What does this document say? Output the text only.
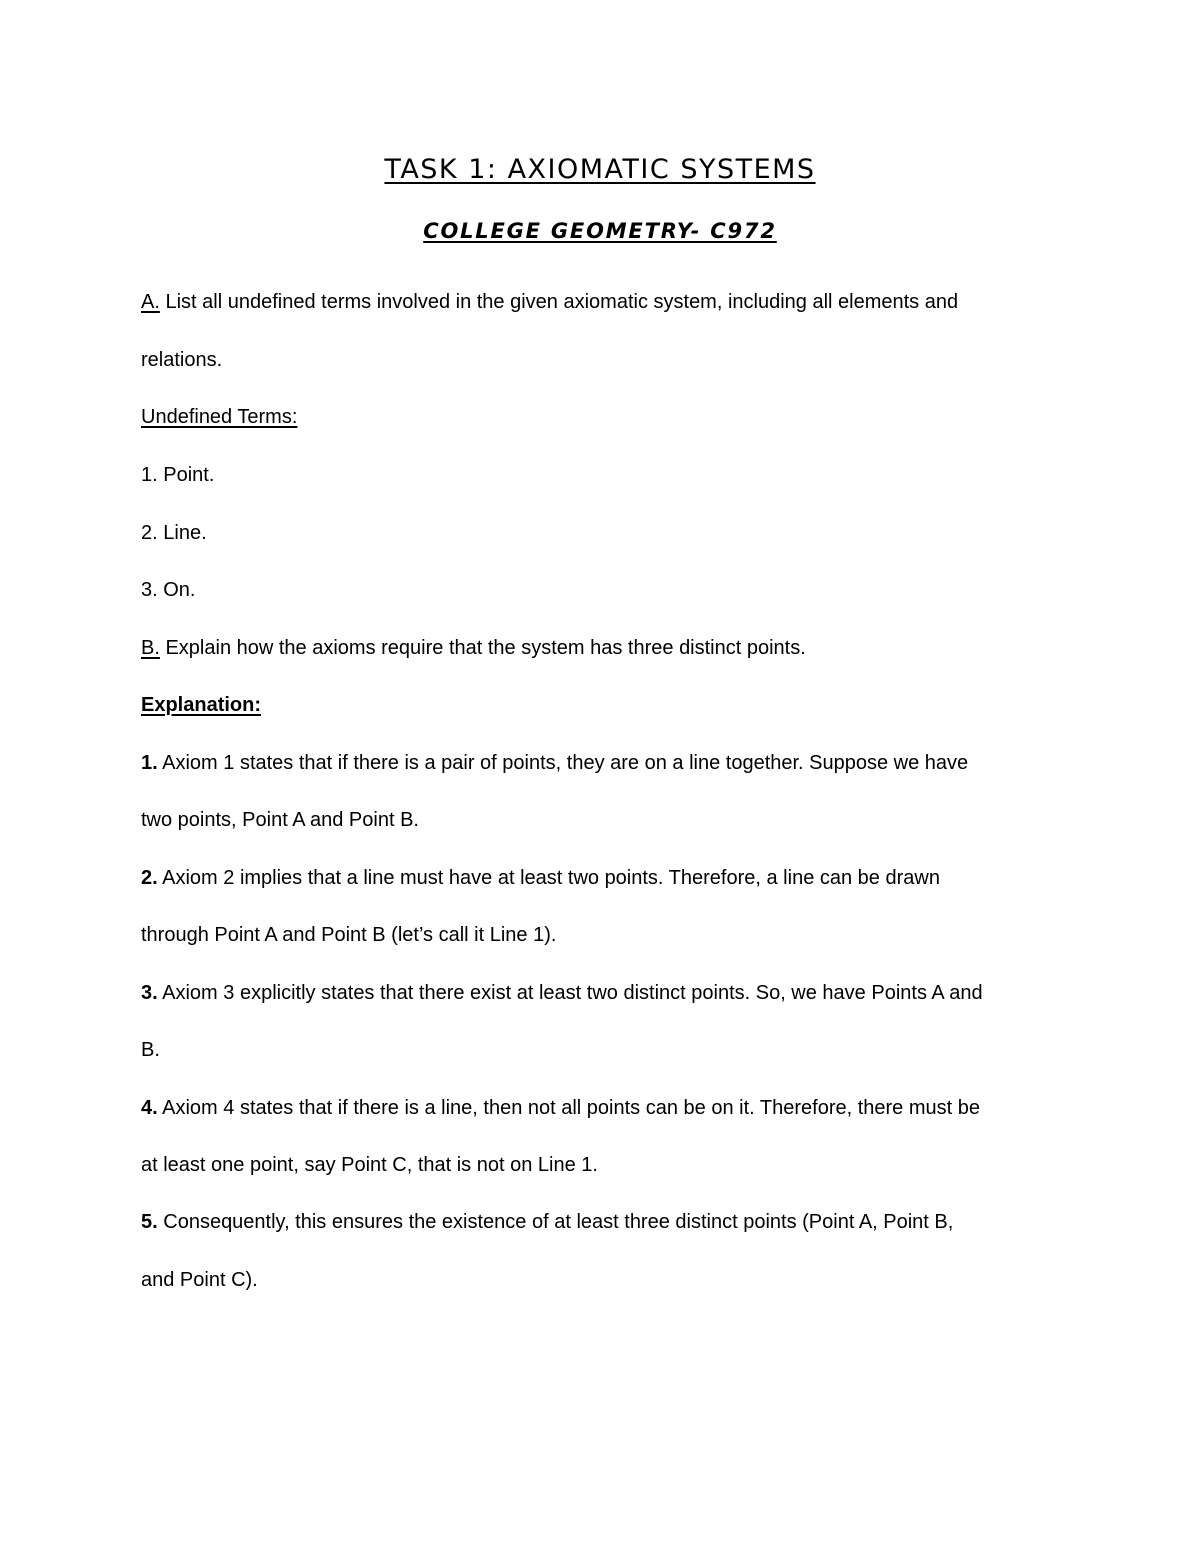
TASK 1: AXIOMATIC SYSTEMS
COLLEGE GEOMETRY- C972
A. List all undefined terms involved in the given axiomatic system, including all elements and
relations.
Undefined Terms:
1. Point.
2. Line.
3. On.
B. Explain how the axioms require that the system has three distinct points.
Explanation:
1. Axiom 1 states that if there is a pair of points, they are on a line together. Suppose we have
two points, Point A and Point B.
2. Axiom 2 implies that a line must have at least two points. Therefore, a line can be drawn
through Point A and Point B (let’s call it Line 1).
3. Axiom 3 explicitly states that there exist at least two distinct points. So, we have Points A and
B.
4. Axiom 4 states that if there is a line, then not all points can be on it. Therefore, there must be
at least one point, say Point C, that is not on Line 1.
5. Consequently, this ensures the existence of at least three distinct points (Point A, Point B,
and Point C).
